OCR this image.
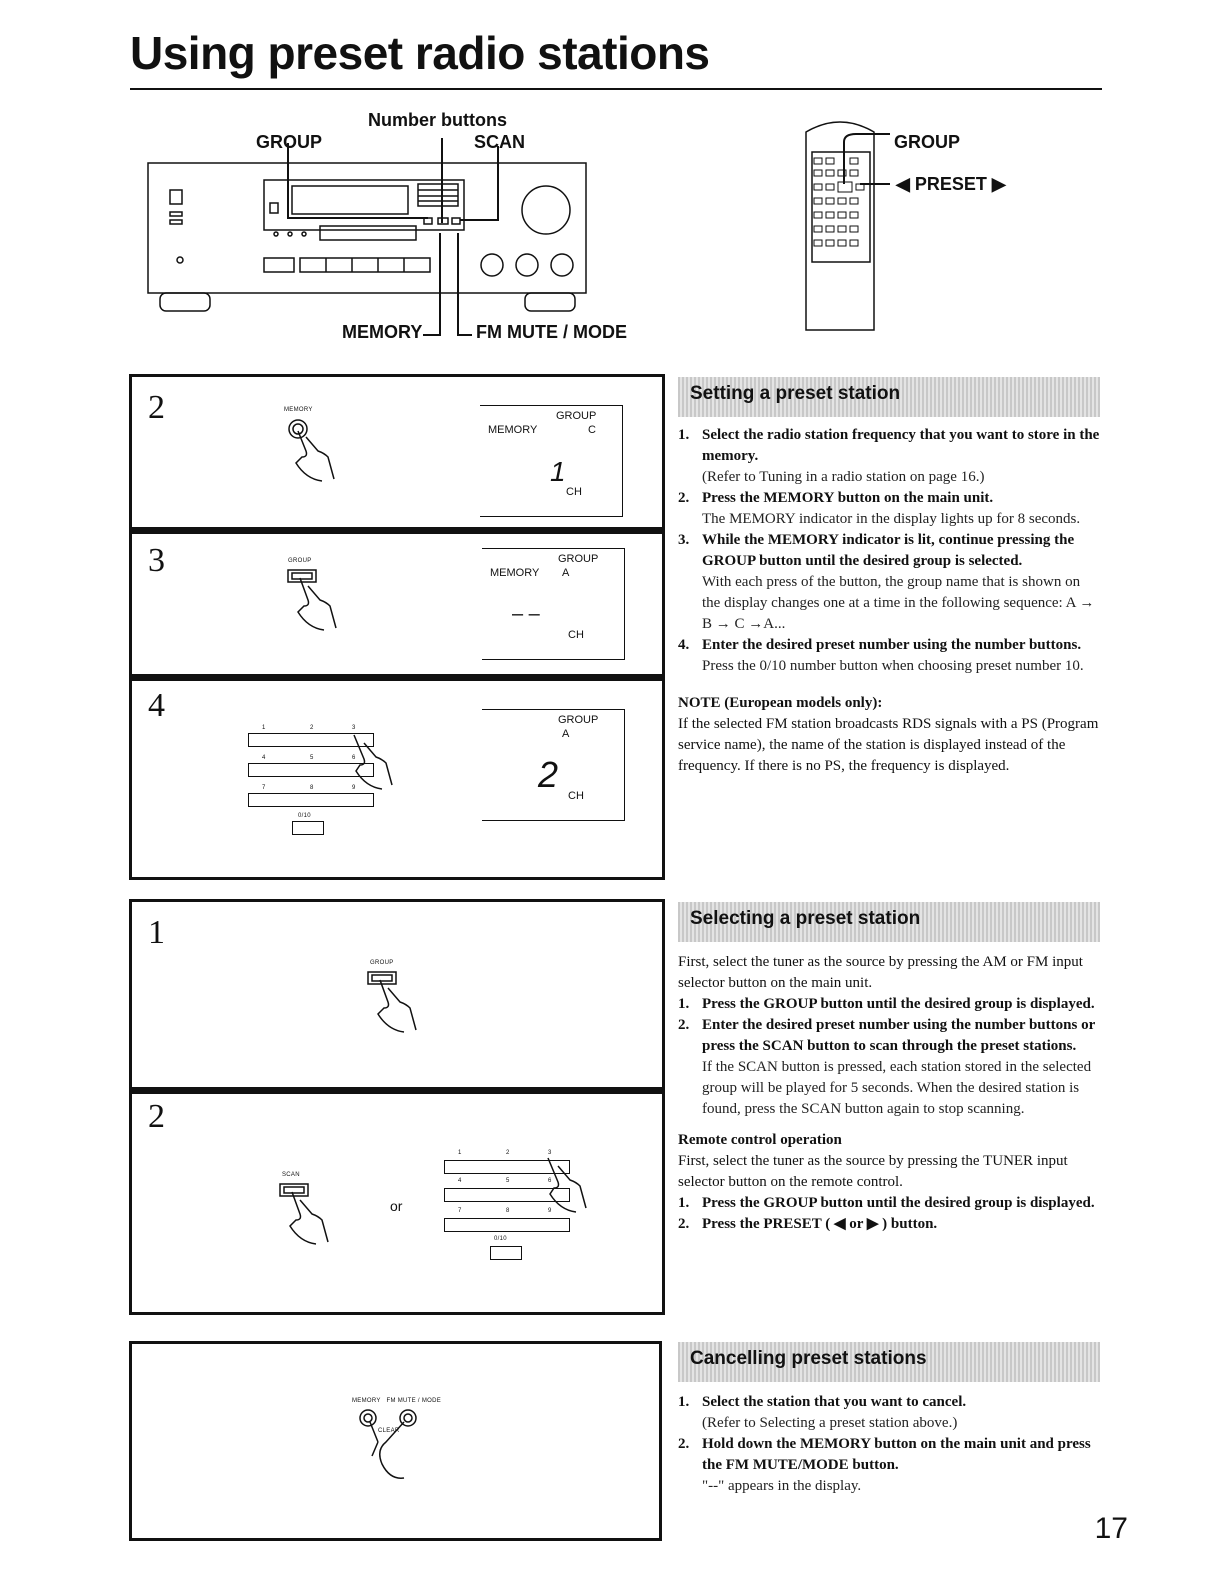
Using preset radio stations
Number buttons
GROUP	SCAN
MEMORY	FM MUTE / MODE
GROUP
◀ PRESET ▶
2	MEMORY	GROUP
MEMORY	C
1
CH
3	GROUP	GROUP
MEMORY A
– –
CH
4
1	2	3
4	5	6
7	8	9
0/10
GROUP
A
2
CH
1
GROUP
2
SCAN
or
1	2	3
4	5	6
7	8	9
0/10
MEMORY   FM MUTE / MODE
CLEAR
Setting a preset station
1. Select the radio station frequency that you want to store in the memory.
(Refer to Tuning in a radio station on page 16.)
2. Press the MEMORY button on the main unit.
The MEMORY indicator in the display lights up for 8 seconds.
3. While the MEMORY indicator is lit, continue pressing the GROUP button until the desired group is selected.
With each press of the button, the group name that is shown on the display changes one at a time in the following sequence: A → B → C →A...
4. Enter the desired preset number using the number buttons.
Press the 0/10 number button when choosing preset number 10.
NOTE (European models only):
If the selected FM station broadcasts RDS signals with a PS (Program service name), the name of the station is displayed instead of the frequency. If there is no PS, the frequency is displayed.
Selecting a preset station
First, select the tuner as the source by pressing the AM or FM input selector button on the main unit.
1. Press the GROUP button until the desired group is displayed.
2. Enter the desired preset number using the number buttons or press the SCAN button to scan through the preset stations.
If the SCAN button is pressed, each station stored in the selected group will be played for 5 seconds. When the desired station is found, press the SCAN button again to stop scanning.
Remote control operation
First, select the tuner as the source by pressing the TUNER input selector button on the remote control.
1. Press the GROUP button until the desired group is displayed.
2. Press the PRESET ( ◀ or ▶ ) button.
Cancelling preset stations
1. Select the station that you want to cancel.
(Refer to Selecting a preset station above.)
2. Hold down the MEMORY button on the main unit and press the FM MUTE/MODE button.
"--" appears in the display.
17
